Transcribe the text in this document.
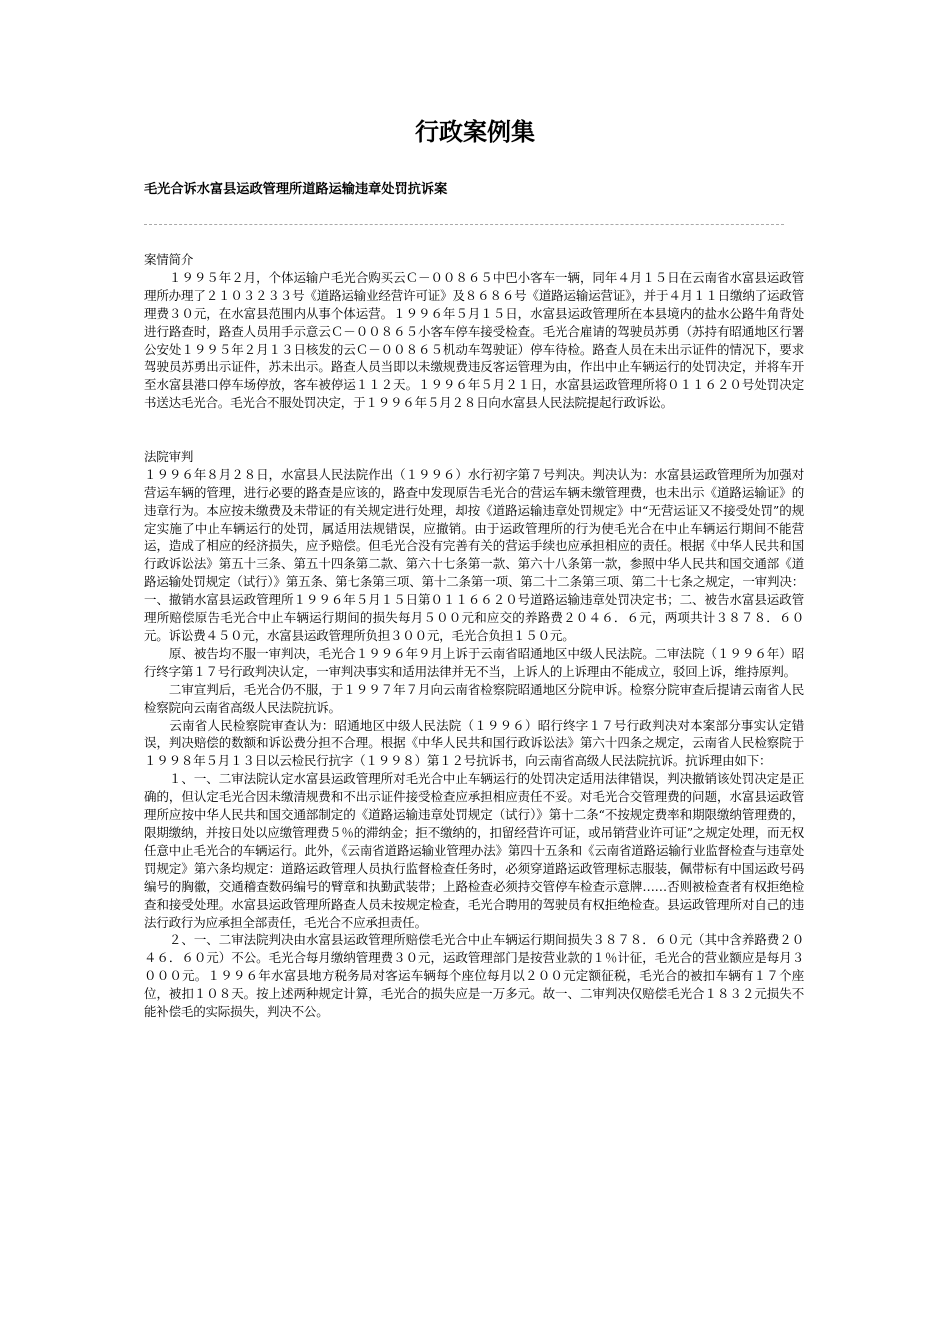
行政案例集
毛光合诉水富县运政管理所道路运输违章处罚抗诉案

案情简介

　　１９９５年２月，个体运输户毛光合购买云Ｃ－００８６５中巴小客车一辆，同年４月１５日在云南省水富县运政管理所办理了２１０３２３３号《道路运输业经营许可证》及８６８６号《道路运输运营证》，并于４月１１日缴纳了运政管理费３０元，在水富县范围内从事个体运营。１９９６年５月１５日，水富县运政管理所在本县境内的盐水公路牛角背处进行路查时，路查人员用手示意云Ｃ－００８６５小客车停车接受检查。毛光合雇请的驾驶员苏勇（苏持有昭通地区行署公安处１９９５年２月１３日核发的云Ｃ－００８６５机动车驾驶证）停车待检。路查人员在未出示证件的情况下，要求驾驶员苏勇出示证件，苏未出示。路查人员当即以未缴规费违反客运管理为由，作出中止车辆运行的处罚决定，并将车开至水富县港口停车场停放，客车被停运１１２天。１９９６年５月２１日，水富县运政管理所将０１１６２０号处罚决定书送达毛光合。毛光合不服处罚决定，于１９９６年５月２８日向水富县人民法院提起行政诉讼。

法院审判

１９９６年８月２８日，水富县人民法院作出（１９９６）水行初字第７号判决。判决认为：水富县运政管理所为加强对营运车辆的管理，进行必要的路查是应该的，路查中发现原告毛光合的营运车辆未缴管理费，也未出示《道路运输证》的违章行为。本应按未缴费及未带证的有关规定进行处理，却按《道路运输违章处罚规定》中“无营运证又不接受处罚”的规定实施了中止车辆运行的处罚，属适用法规错误，应撤销。由于运政管理所的行为使毛光合在中止车辆运行期间不能营运，造成了相应的经济损失，应予赔偿。但毛光合没有完善有关的营运手续也应承担相应的责任。根据《中华人民共和国行政诉讼法》第五十三条、第五十四条第二款、第六十七条第一款、第六十八条第一款，参照中华人民共和国交通部《道路运输处罚规定（试行）》第五条、第七条第三项、第十二条第一项、第二十二条第三项、第二十七条之规定，一审判决：一、撤销水富县运政管理所１９９６年５月１５日第０１１６６２０号道路运输违章处罚决定书；二、被告水富县运政管理所赔偿原告毛光合中止车辆运行期间的损失每月５００元和应交的养路费２０４６．６元，两项共计３８７８．６０元。诉讼费４５０元，水富县运政管理所负担３００元，毛光合负担１５０元。

　　原、被告均不服一审判决，毛光合１９９６年９月上诉于云南省昭通地区中级人民法院。二审法院（１９９６年）昭行终字第１７号行政判决认定，一审判决事实和适用法律并无不当，上诉人的上诉理由不能成立，驳回上诉，维持原判。

　　二审宣判后，毛光合仍不服，于１９９７年７月向云南省检察院昭通地区分院申诉。检察分院审查后提请云南省人民检察院向云南省高级人民法院抗诉。

　　云南省人民检察院审查认为：昭通地区中级人民法院（１９９６）昭行终字１７号行政判决对本案部分事实认定错误，判决赔偿的数额和诉讼费分担不合理。根据《中华人民共和国行政诉讼法》第六十四条之规定，云南省人民检察院于１９９８年５月１３日以云检民行抗字（１９９８）第１２号抗诉书，向云南省高级人民法院抗诉。抗诉理由如下：

　　１、一、二审法院认定水富县运政管理所对毛光合中止车辆运行的处罚决定适用法律错误，判决撤销该处罚决定是正确的，但认定毛光合因未缴清规费和不出示证件接受检查应承担相应责任不妥。对毛光合交管理费的问题，水富县运政管理所应按中华人民共和国交通部制定的《道路运输违章处罚规定（试行）》第十二条“不按规定费率和期限缴纳管理费的，限期缴纳，并按日处以应缴管理费５％的滞纳金；拒不缴纳的，扣留经营许可证，或吊销营业许可证”之规定处理，而无权任意中止毛光合的车辆运行。此外，《云南省道路运输业管理办法》第四十五条和《云南省道路运输行业监督检查与违章处罚规定》第六条均规定：道路运政管理人员执行监督检查任务时，必须穿道路运政管理标志服装，佩带标有中国运政号码编号的胸徽，交通稽查数码编号的臂章和执勤武装带；上路检查必须持交管停车检查示意牌……否则被检查者有权拒绝检查和接受处理。水富县运政管理所路查人员未按规定检查，毛光合聘用的驾驶员有权拒绝检查。县运政管理所对自己的违法行政行为应承担全部责任，毛光合不应承担责任。

　　２、一、二审法院判决由水富县运政管理所赔偿毛光合中止车辆运行期间损失３８７８．６０元（其中含养路费２０４６．６０元）不公。毛光合每月缴纳管理费３０元，运政管理部门是按营业款的１％计征，毛光合的营业额应是每月３０００元。１９９６年水富县地方税务局对客运车辆每个座位每月以２００元定额征税，毛光合的被扣车辆有１７个座位，被扣１０８天。按上述两种规定计算，毛光合的损失应是一万多元。故一、二审判决仅赔偿毛光合１８３２元损失不能补偿毛的实际损失，判决不公。
